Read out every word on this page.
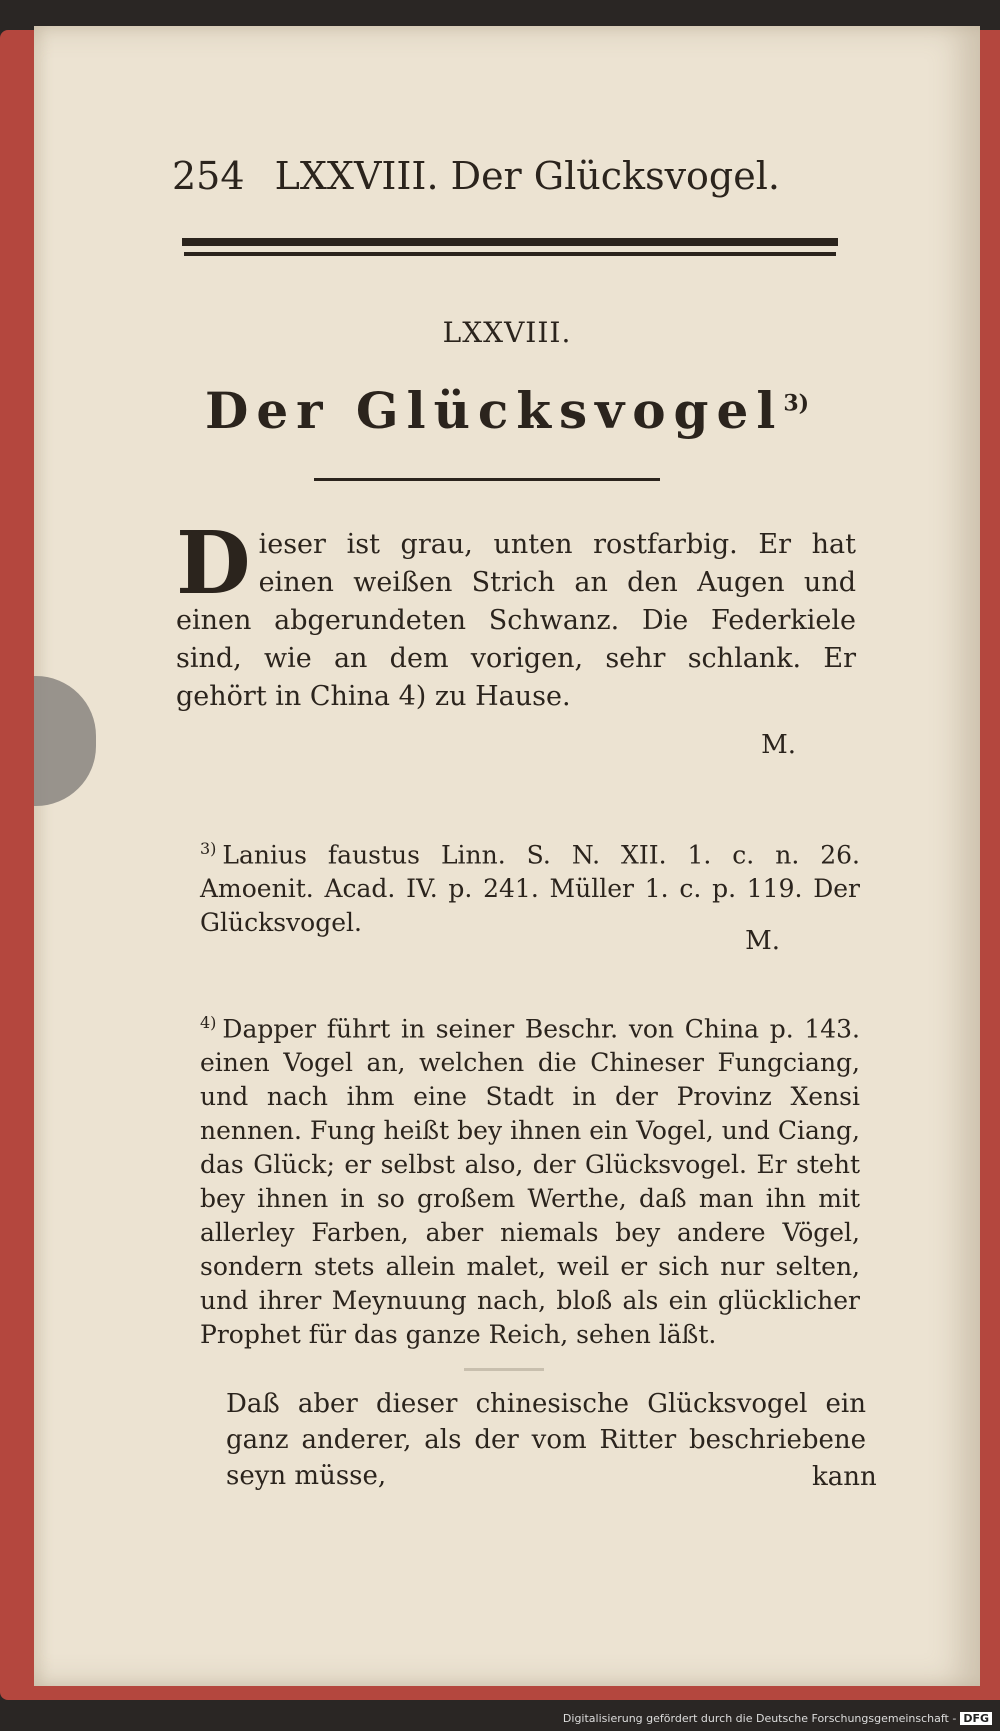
254 LXXVIII. Der Glücksvogel.
LXXVIII.
Der Glücksvogel$^{3)}$
Dieser ist grau, unten rostfarbig. Er hat einen weißen Strich an den Augen und einen abgerundeten Schwanz. Die Federkiele sind, wie an dem vorigen, sehr schlank. Er gehört in China 4) zu Hause.
M.
$^{3)}$ Lanius faustus Linn. S. N. XII. 1. c. n. 26. Amoenit. Acad. IV. p. 241. Müller 1. c. p. 119. Der Glücksvogel.
M.
$^{4)}$ Dapper führt in seiner Beschr. von China p. 143. einen Vogel an, welchen die Chineser Fungciang, und nach ihm eine Stadt in der Provinz Xensi nennen. Fung heißt bey ihnen ein Vogel, und Ciang, das Glück; er selbst also, der Glücksvogel. Er steht bey ihnen in so großem Werthe, daß man ihn mit allerley Farben, aber niemals bey andere Vögel, sondern stets allein malet, weil er sich nur selten, und ihrer Meynuung nach, bloß als ein glücklicher Prophet für das ganze Reich, sehen läßt.
Daß aber dieser chinesische Glücksvogel ein ganz anderer, als der vom Ritter beschriebene seyn müsse,	kann
Digitalisierung gefördert durch die Deutsche Forschungsgemeinschaft - DFG
